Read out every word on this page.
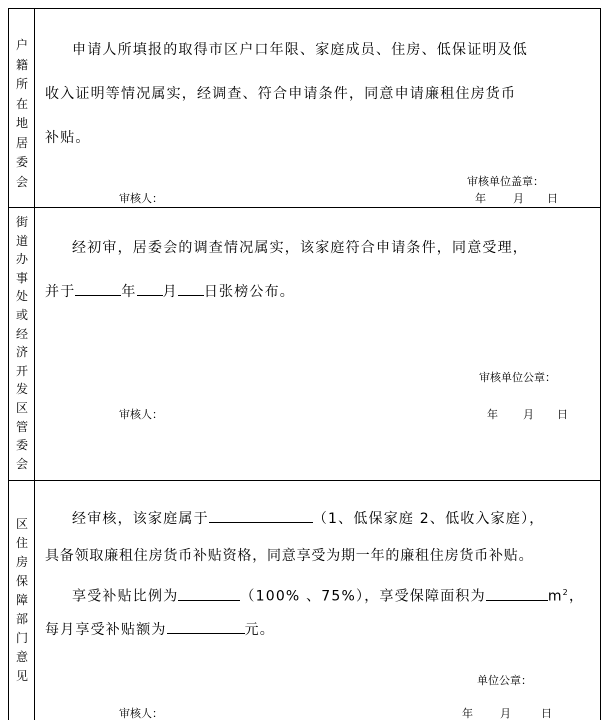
户
籍
所
在
地
居
委
会
申请人所填报的取得市区户口年限、家庭成员、住房、低保证明及低
收入证明等情况属实，经调查、符合申请条件，同意申请廉租住房货币
补贴。
审核单位盖章：
审核人：	年 月 日
街
道
办
事
处
或
经
济
开
发
区
管
委
会
经初审，居委会的调查情况属实，该家庭符合申请条件，同意受理，
并于	年 月 日张榜公布。
审核单位公章：
审核人：	年 月 日
区
住
房
保
障
部
门
意
见
经审核，该家庭属于	（1、低保家庭 2、低收入家庭），
具备领取廉租住房货币补贴资格，同意享受为期一年的廉租住房货币补贴。
享受补贴比例为	（100% 、75%），享受保障面积为	$m^2$，
每月享受补贴额为	元。
单位公章：
审核人：	年 月	日
